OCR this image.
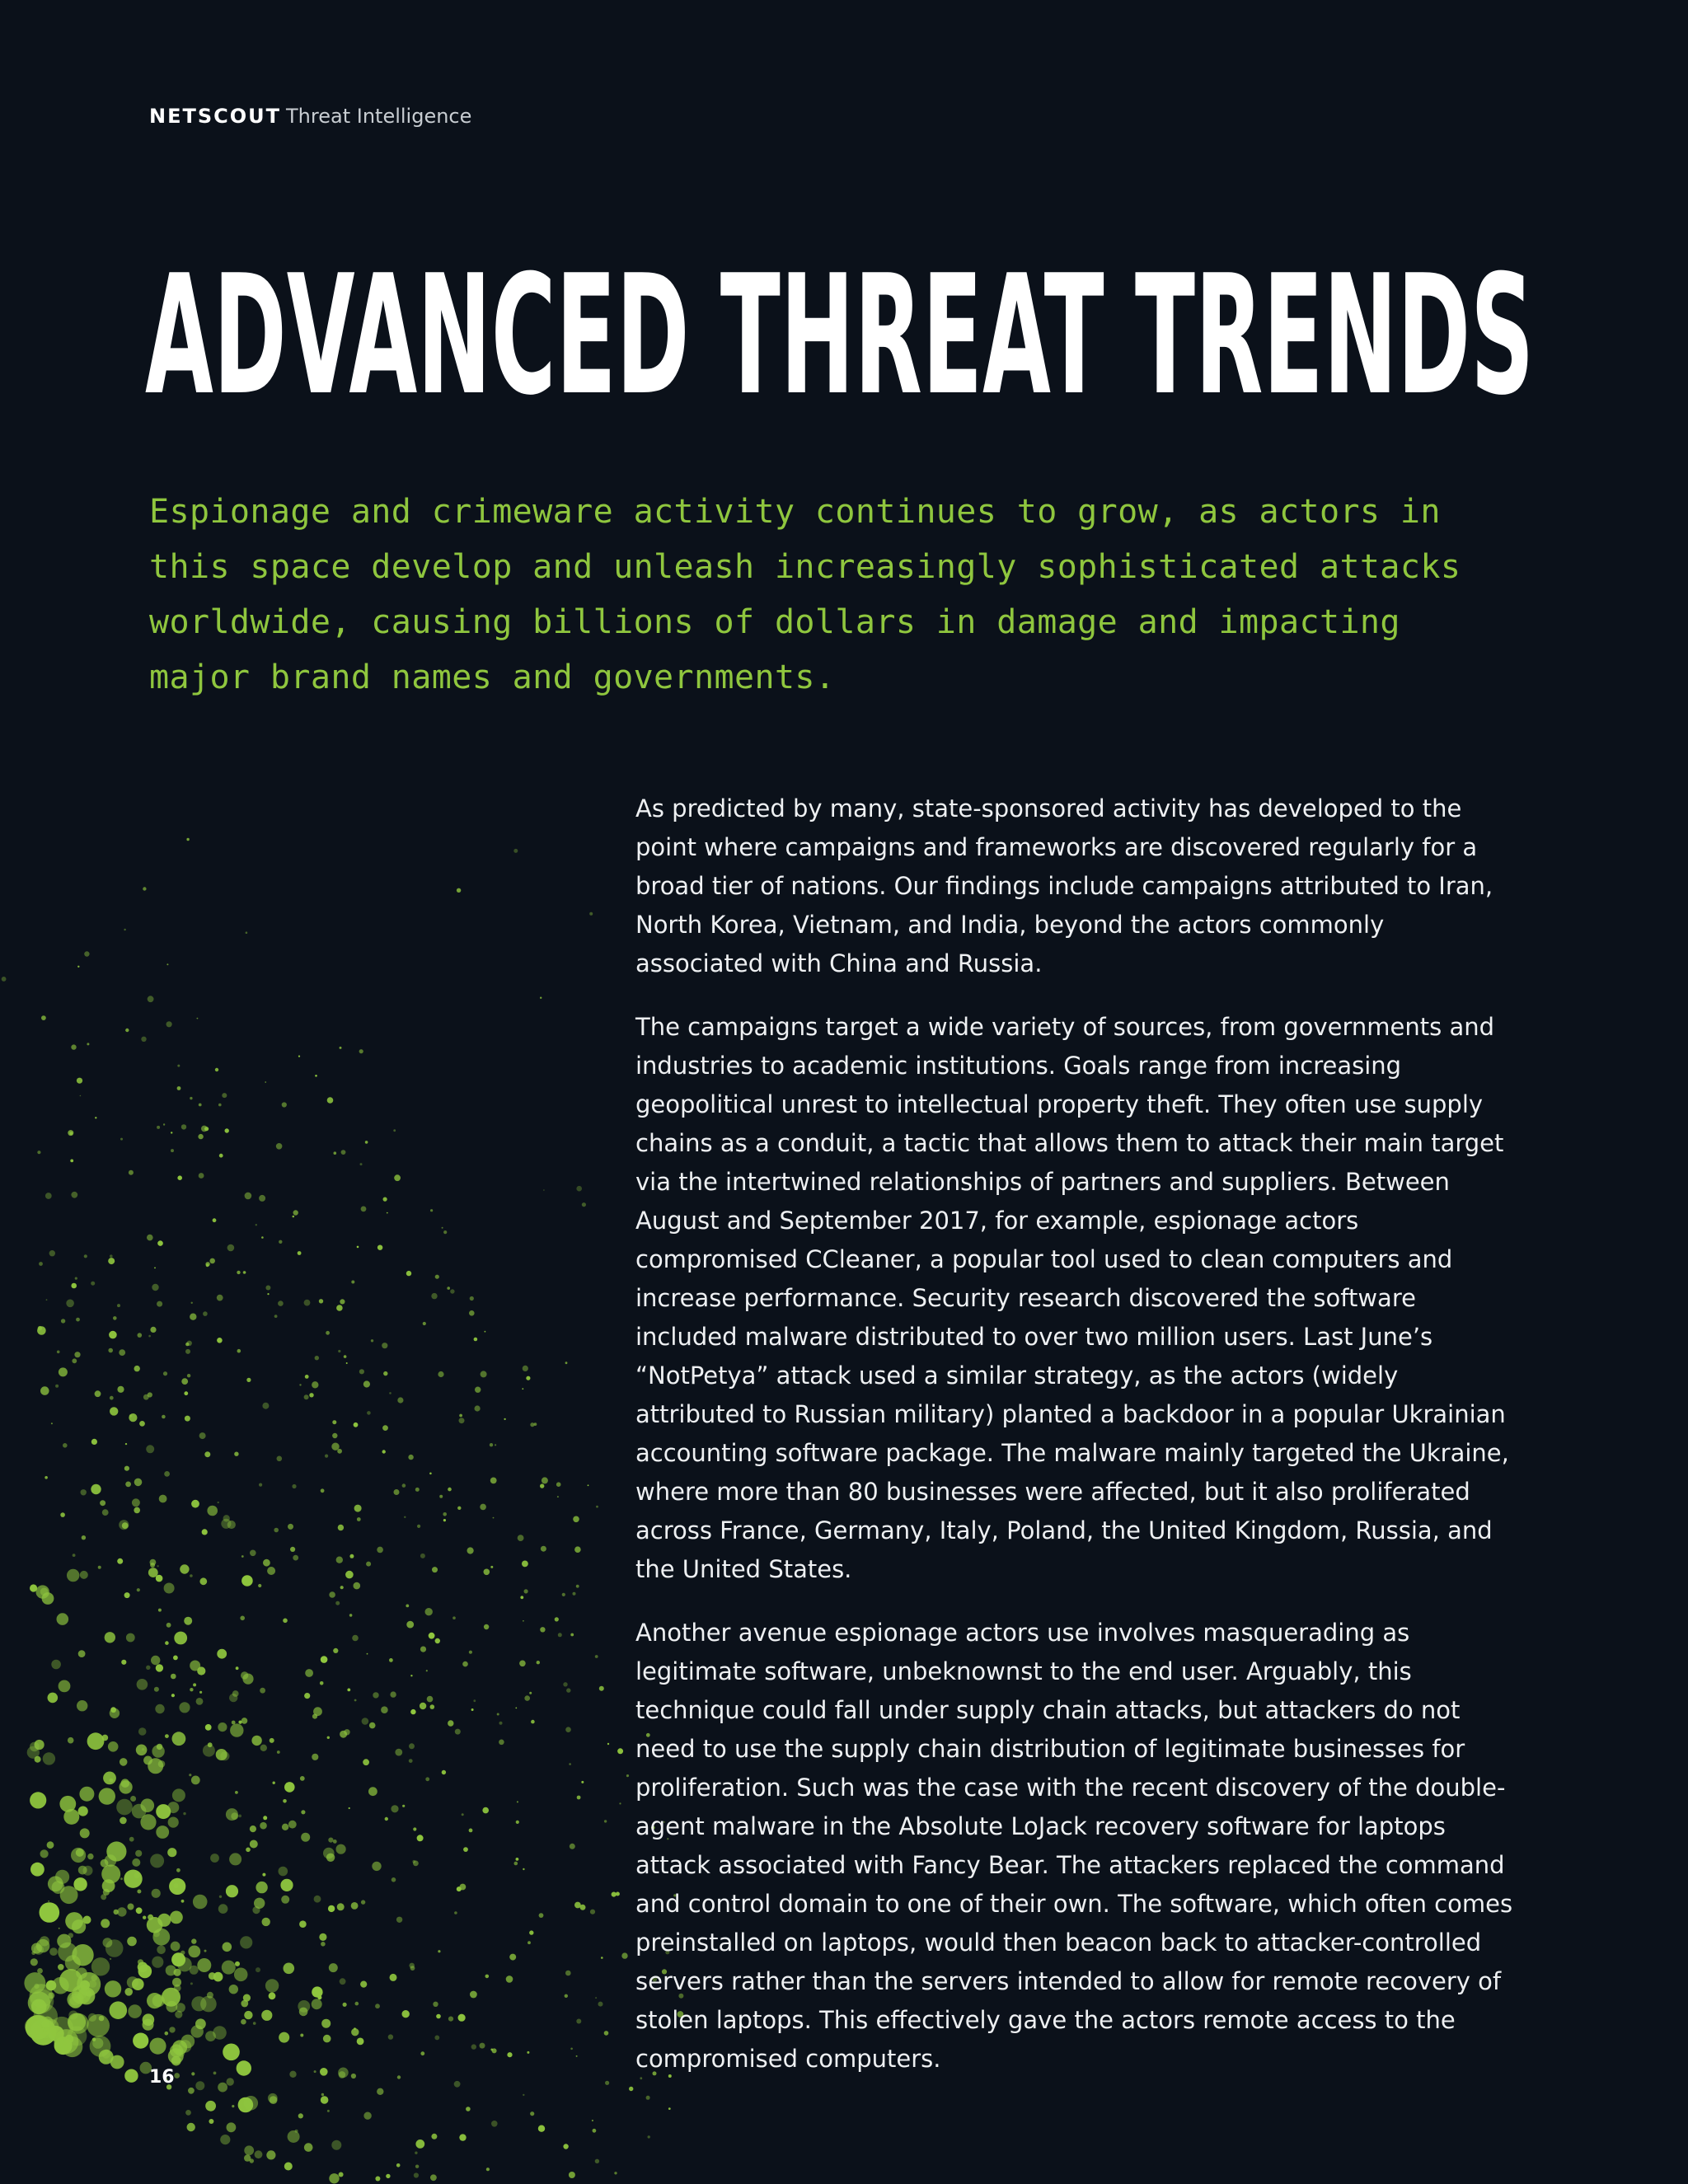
NETSCOUT Threat Intelligence
ADVANCED THREAT TRENDS

Espionage and crimeware activity continues to grow, as actors in this space develop and unleash increasingly sophisticated attacks worldwide, causing billions of dollars in damage and impacting major brand names and governments.

As predicted by many, state-sponsored activity has developed to the point where campaigns and frameworks are discovered regularly for a broad tier of nations. Our findings include campaigns attributed to Iran, North Korea, Vietnam, and India, beyond the actors commonly associated with China and Russia.

The campaigns target a wide variety of sources, from governments and industries to academic institutions. Goals range from increasing geopolitical unrest to intellectual property theft. They often use supply chains as a conduit, a tactic that allows them to attack their main target via the intertwined relationships of partners and suppliers. Between August and September 2017, for example, espionage actors compromised CCleaner, a popular tool used to clean computers and increase performance. Security research discovered the software included malware distributed to over two million users. Last June’s “NotPetya” attack used a similar strategy, as the actors (widely attributed to Russian military) planted a backdoor in a popular Ukrainian accounting software package. The malware mainly targeted the Ukraine, where more than 80 businesses were affected, but it also proliferated across France, Germany, Italy, Poland, the United Kingdom, Russia, and the United States.

Another avenue espionage actors use involves masquerading as legitimate software, unbeknownst to the end user. Arguably, this technique could fall under supply chain attacks, but attackers do not need to use the supply chain distribution of legitimate businesses for proliferation. Such was the case with the recent discovery of the double-agent malware in the Absolute LoJack recovery software for laptops attack associated with Fancy Bear. The attackers replaced the command and control domain to one of their own. The software, which often comes preinstalled on laptops, would then beacon back to attacker-controlled servers rather than the servers intended to allow for remote recovery of stolen laptops. This effectively gave the actors remote access to the compromised computers.

16
